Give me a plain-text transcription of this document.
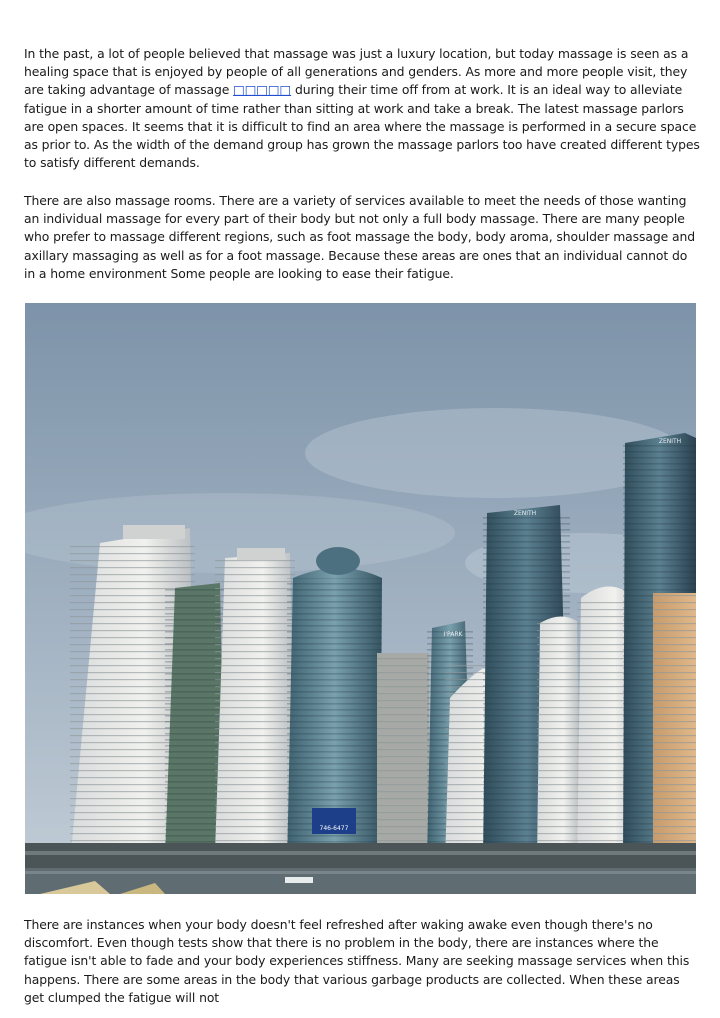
In the past, a lot of people believed that massage was just a luxury location, but today massage is seen as a healing space that is enjoyed by people of all generations and genders. As more and more people visit, they are taking advantage of massage □□□□□ during their time off from at work. It is an ideal way to alleviate fatigue in a shorter amount of time rather than sitting at work and take a break. The latest massage parlors are open spaces. It seems that it is difficult to find an area where the massage is performed in a secure space as prior to. As the width of the demand group has grown the massage parlors too have created different types to satisfy different demands.

There are also massage rooms. There are a variety of services available to meet the needs of those wanting an individual massage for every part of their body but not only a full body massage. There are many people who prefer to massage different regions, such as foot massage the body, body aroma, shoulder massage and axillary massaging as well as for a foot massage. Because these areas are ones that an individual cannot do in a home environment Some people are looking to ease their fatigue.

746-6477
I'PARK
ZENITH
ZENITH

There are instances when your body doesn't feel refreshed after waking awake even though there's no discomfort. Even though tests show that there is no problem in the body, there are instances where the fatigue isn't able to fade and your body experiences stiffness. Many are seeking massage services when this happens. There are some areas in the body that various garbage products are collected. When these areas get clumped the fatigue will not
